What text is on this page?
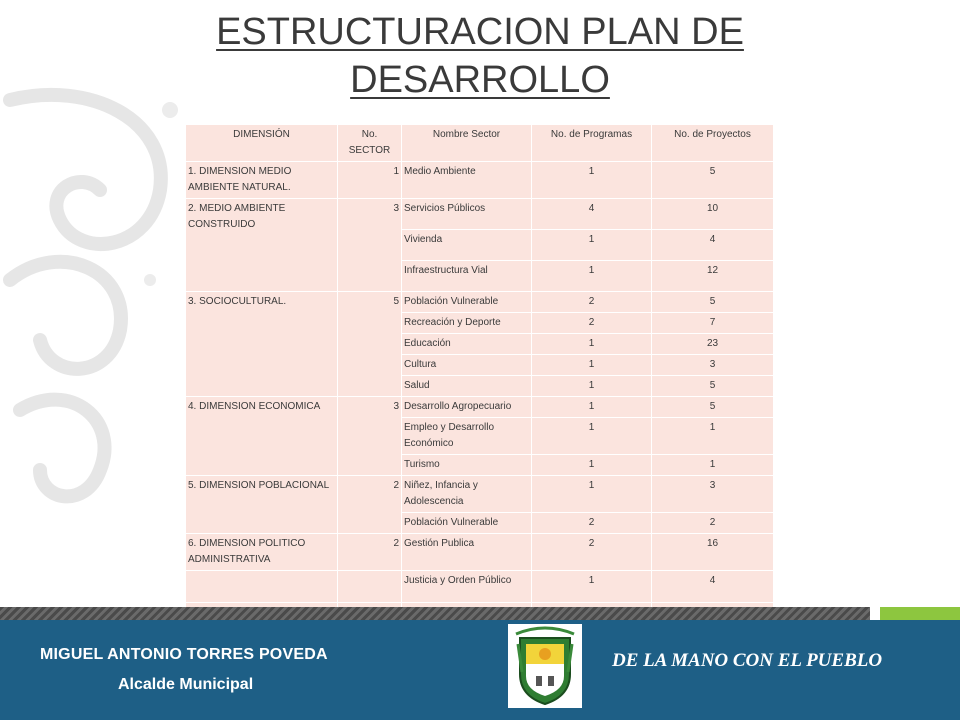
ESTRUCTURACION PLAN DE
DESARROLLO
DIMENSIÓN	No. SECTOR	Nombre Sector	No. de Programas	No. de Proyectos
1. DIMENSION MEDIO AMBIENTE NATURAL.	1	Medio Ambiente	1	5
2. MEDIO AMBIENTE CONSTRUIDO	3	Servicios Públicos	4	10
		Vivienda	1	4
		Infraestructura Vial	1	12
3. SOCIOCULTURAL.	5	Población Vulnerable	2	5
		Recreación y Deporte	2	7
		Educación	1	23
		Cultura	1	3
		Salud	1	5
4. DIMENSION ECONOMICA	3	Desarrollo Agropecuario	1	5
		Empleo y Desarrollo Económico	1	1
		Turismo	1	1
5. DIMENSION POBLACIONAL	2	Niñez, Infancia y Adolescencia	1	3
		Población Vulnerable	2	2
6. DIMENSION POLITICO ADMINISTRATIVA	2	Gestión Publica	2	16
		Justicia y Orden Público	1	4

MIGUEL ANTONIO TORRES POVEDA
Alcalde Municipal
DE LA MANO CON EL PUEBLO
